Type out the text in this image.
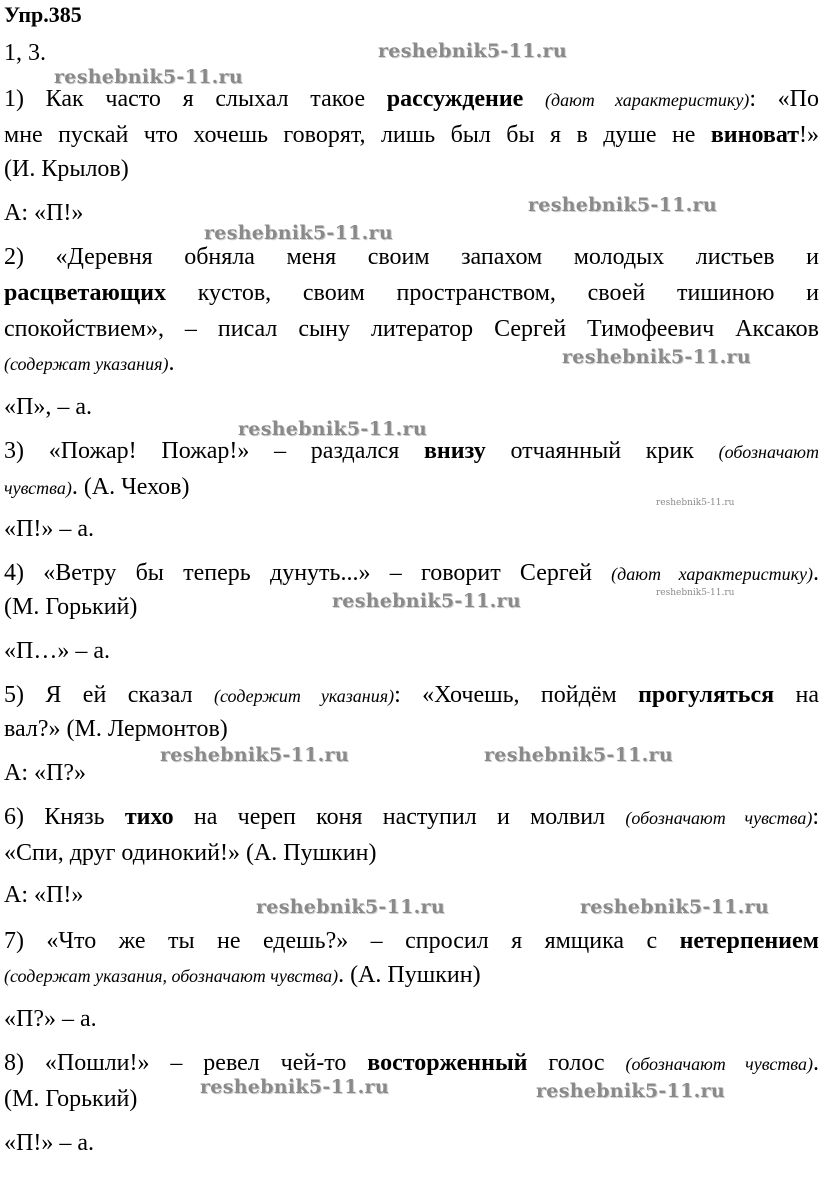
Упр.385
1, 3.
1) Как часто я слыхал такое рассуждение (дают характеристику): «По
мне пускай что хочешь говорят, лишь был бы я в душе не виноват!»
(И. Крылов)
А: «П!»
2) «Деревня обняла меня своим запахом молодых листьев и
расцветающих кустов, своим пространством, своей тишиною и
спокойствием», – писал сыну литератор Сергей Тимофеевич Аксаков
(содержат указания).
«П», – а.
3) «Пожар! Пожар!» – раздался внизу отчаянный крик (обозначают
чувства). (А. Чехов)
«П!» – а.
4) «Ветру бы теперь дунуть...» – говорит Сергей (дают характеристику).
(М. Горький)
«П…» – а.
5) Я ей сказал (содержит указания): «Хочешь, пойдём прогуляться на
вал?» (М. Лермонтов)
А: «П?»
6) Князь тихо на череп коня наступил и молвил (обозначают чувства):
«Спи, друг одинокий!» (А. Пушкин)
А: «П!»
7) «Что же ты не едешь?» – спросил я ямщика с нетерпением
(содержат указания, обозначают чувства). (А. Пушкин)
«П?» – а.
8) «Пошли!» – ревел чей-то восторженный голос (обозначают чувства).
(М. Горький)
«П!» – а.
reshebnik5-11.ru
reshebnik5-11.ru
reshebnik5-11.ru
reshebnik5-11.ru
reshebnik5-11.ru
reshebnik5-11.ru
reshebnik5-11.ru
reshebnik5-11.ru
reshebnik5-11.ru
reshebnik5-11.ru	reshebnik5-11.ru
reshebnik5-11.ru	reshebnik5-11.ru
reshebnik5-11.ru	reshebnik5-11.ru
